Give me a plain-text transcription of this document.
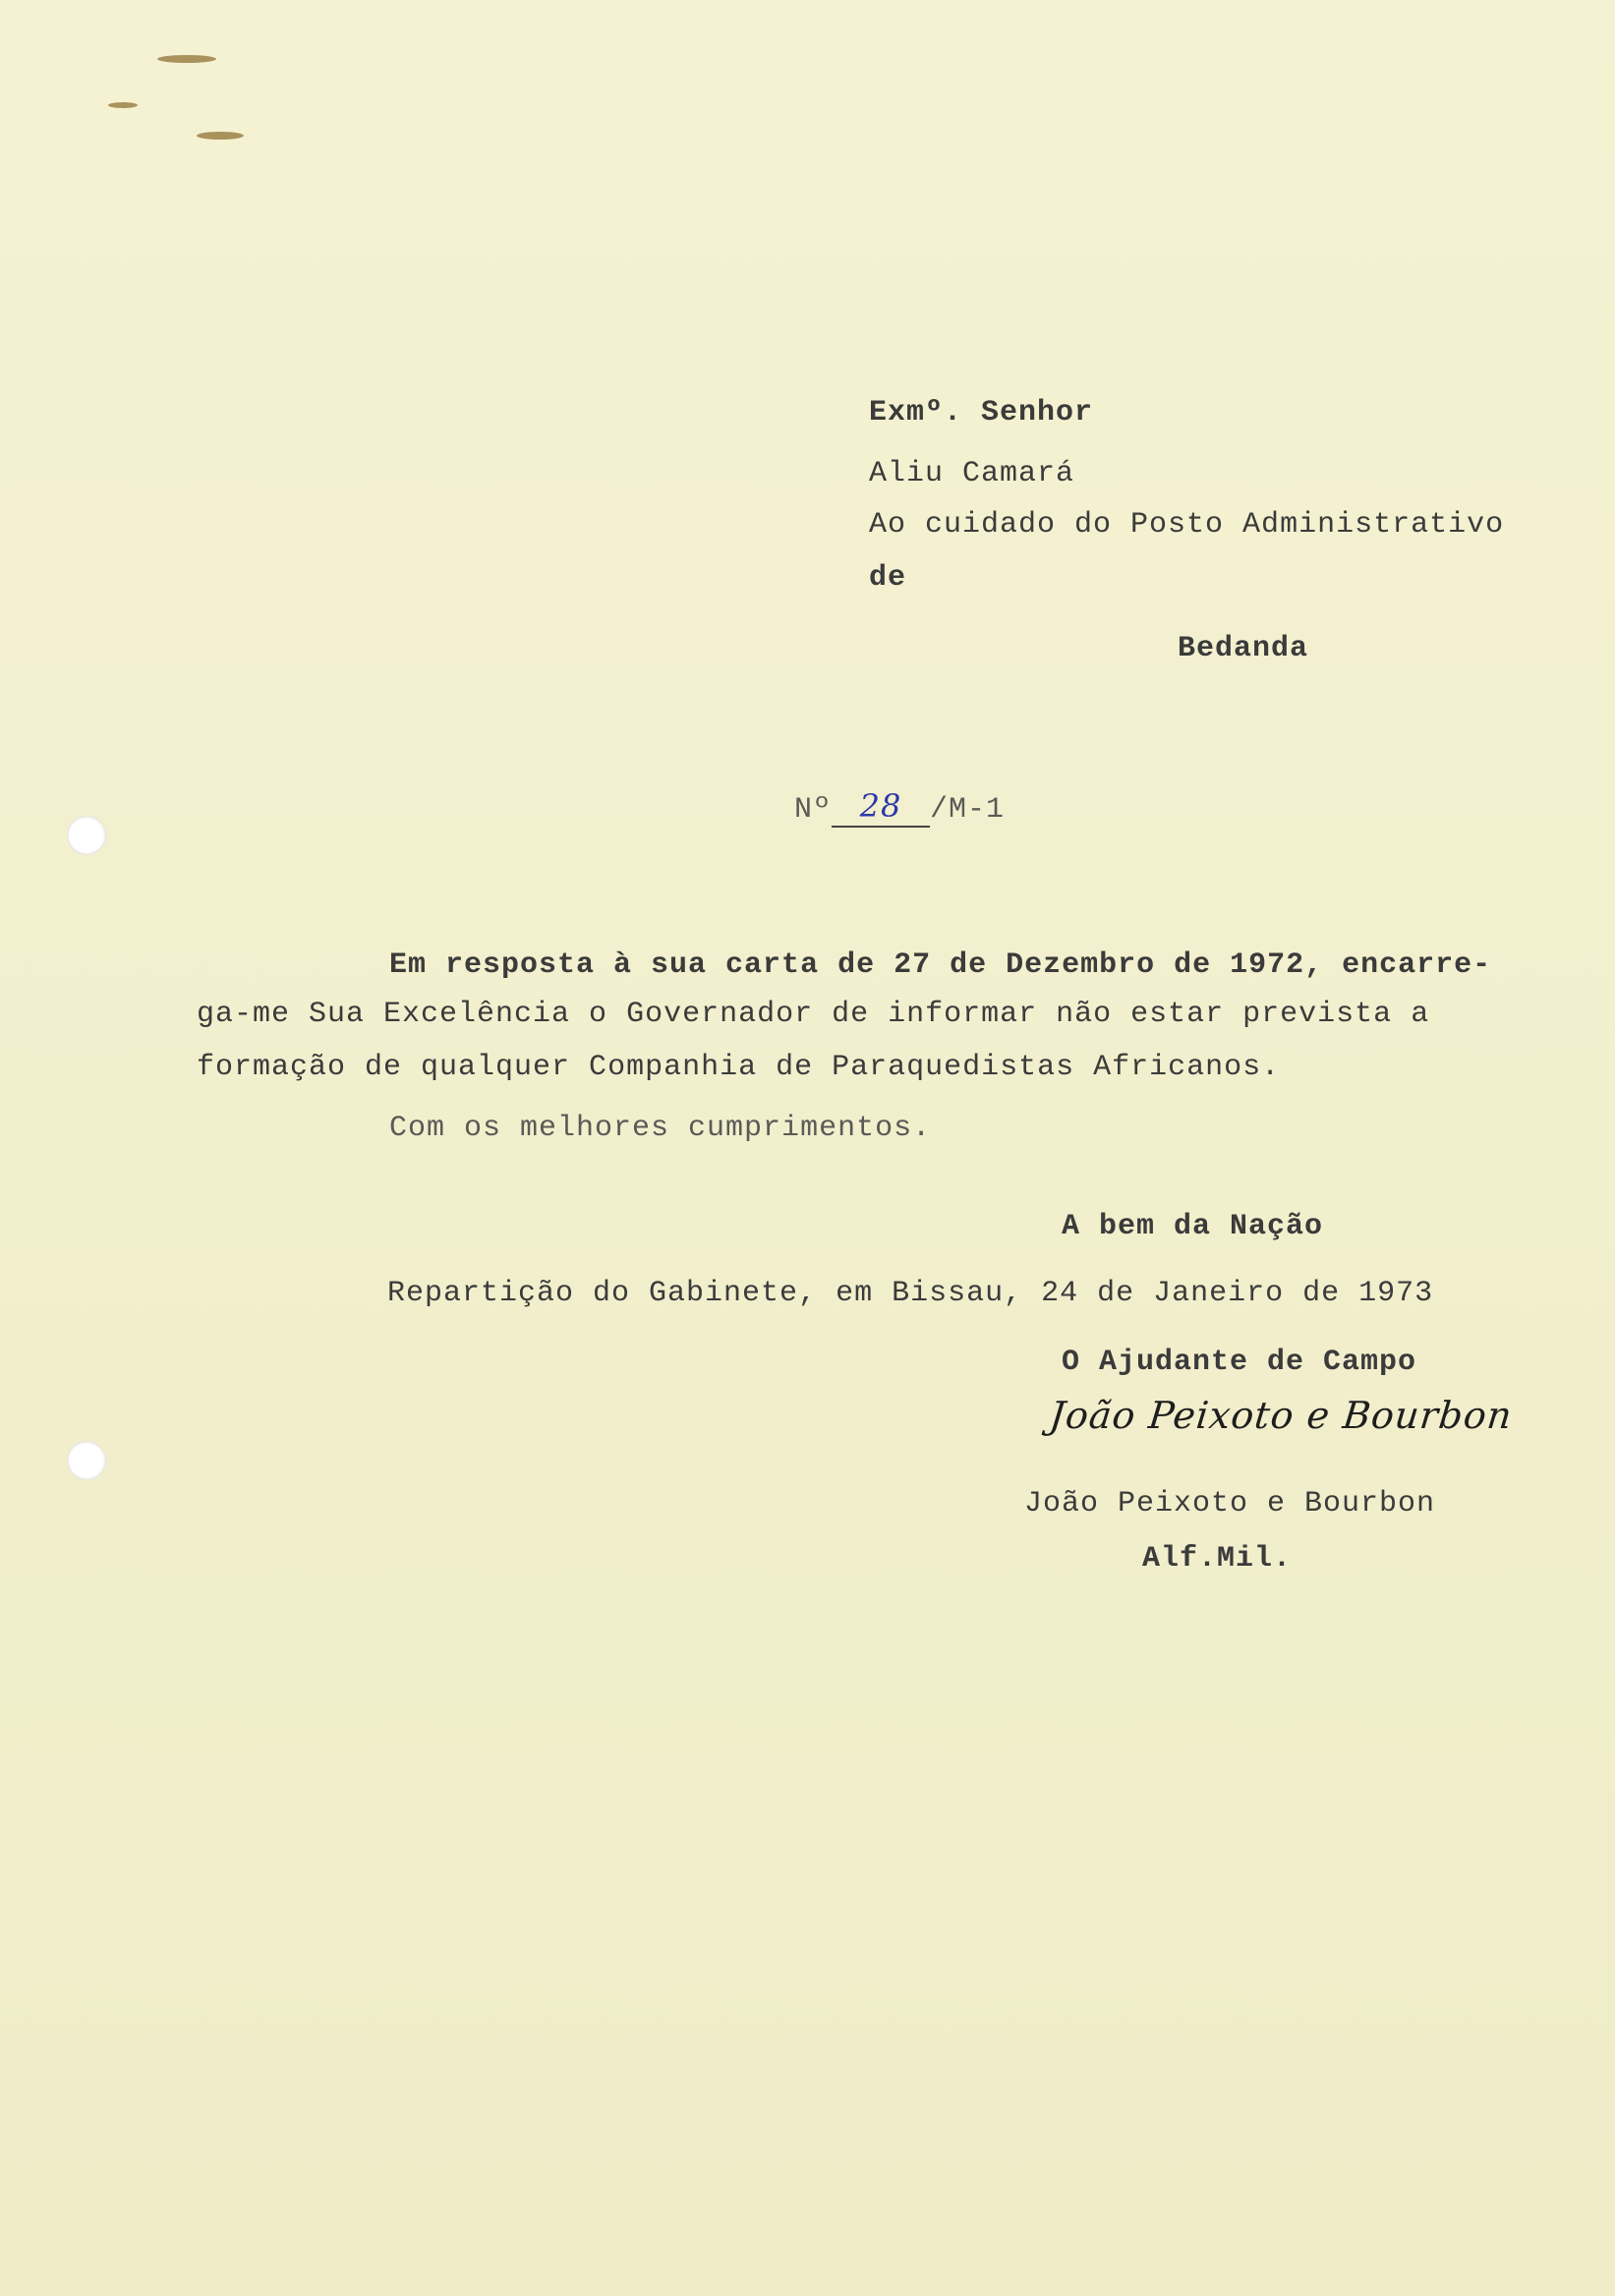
Exmº. Senhor
Aliu Camará
Ao cuidado do Posto Administrativo
de
Bedanda
Nº 28 /M-1
Em resposta à sua carta de 27 de Dezembro de 1972, encarre-
ga-me Sua Excelência o Governador de informar não estar prevista a
formação de qualquer Companhia de Paraquedistas Africanos.
Com os melhores cumprimentos.
A bem da Nação
Repartição do Gabinete, em Bissau, 24 de Janeiro de 1973
O Ajudante de Campo
João Peixoto e Bourbon
João Peixoto e Bourbon
Alf.Mil.
